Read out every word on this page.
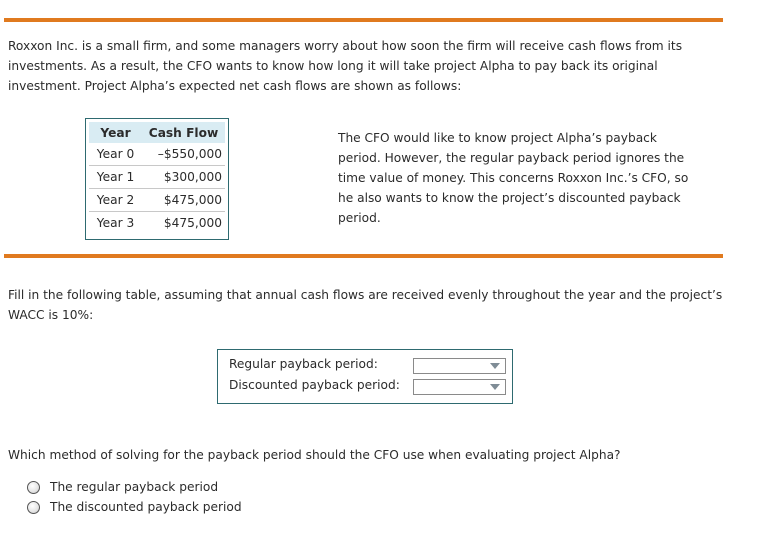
Roxxon Inc. is a small firm, and some managers worry about how soon the firm will receive cash flows from its investments. As a result, the CFO wants to know how long it will take project Alpha to pay back its original investment. Project Alpha’s expected net cash flows are shown as follows:
Year	Cash Flow
Year 0	–$550,000
Year 1	$300,000
Year 2	$475,000
Year 3	$475,000
The CFO would like to know project Alpha’s payback period. However, the regular payback period ignores the time value of money. This concerns Roxxon Inc.’s CFO, so he also wants to know the project’s discounted payback period.
Fill in the following table, assuming that annual cash flows are received evenly throughout the year and the project’s WACC is 10%:
Regular payback period:
Discounted payback period:
Which method of solving for the payback period should the CFO use when evaluating project Alpha?
The regular payback period
The discounted payback period
